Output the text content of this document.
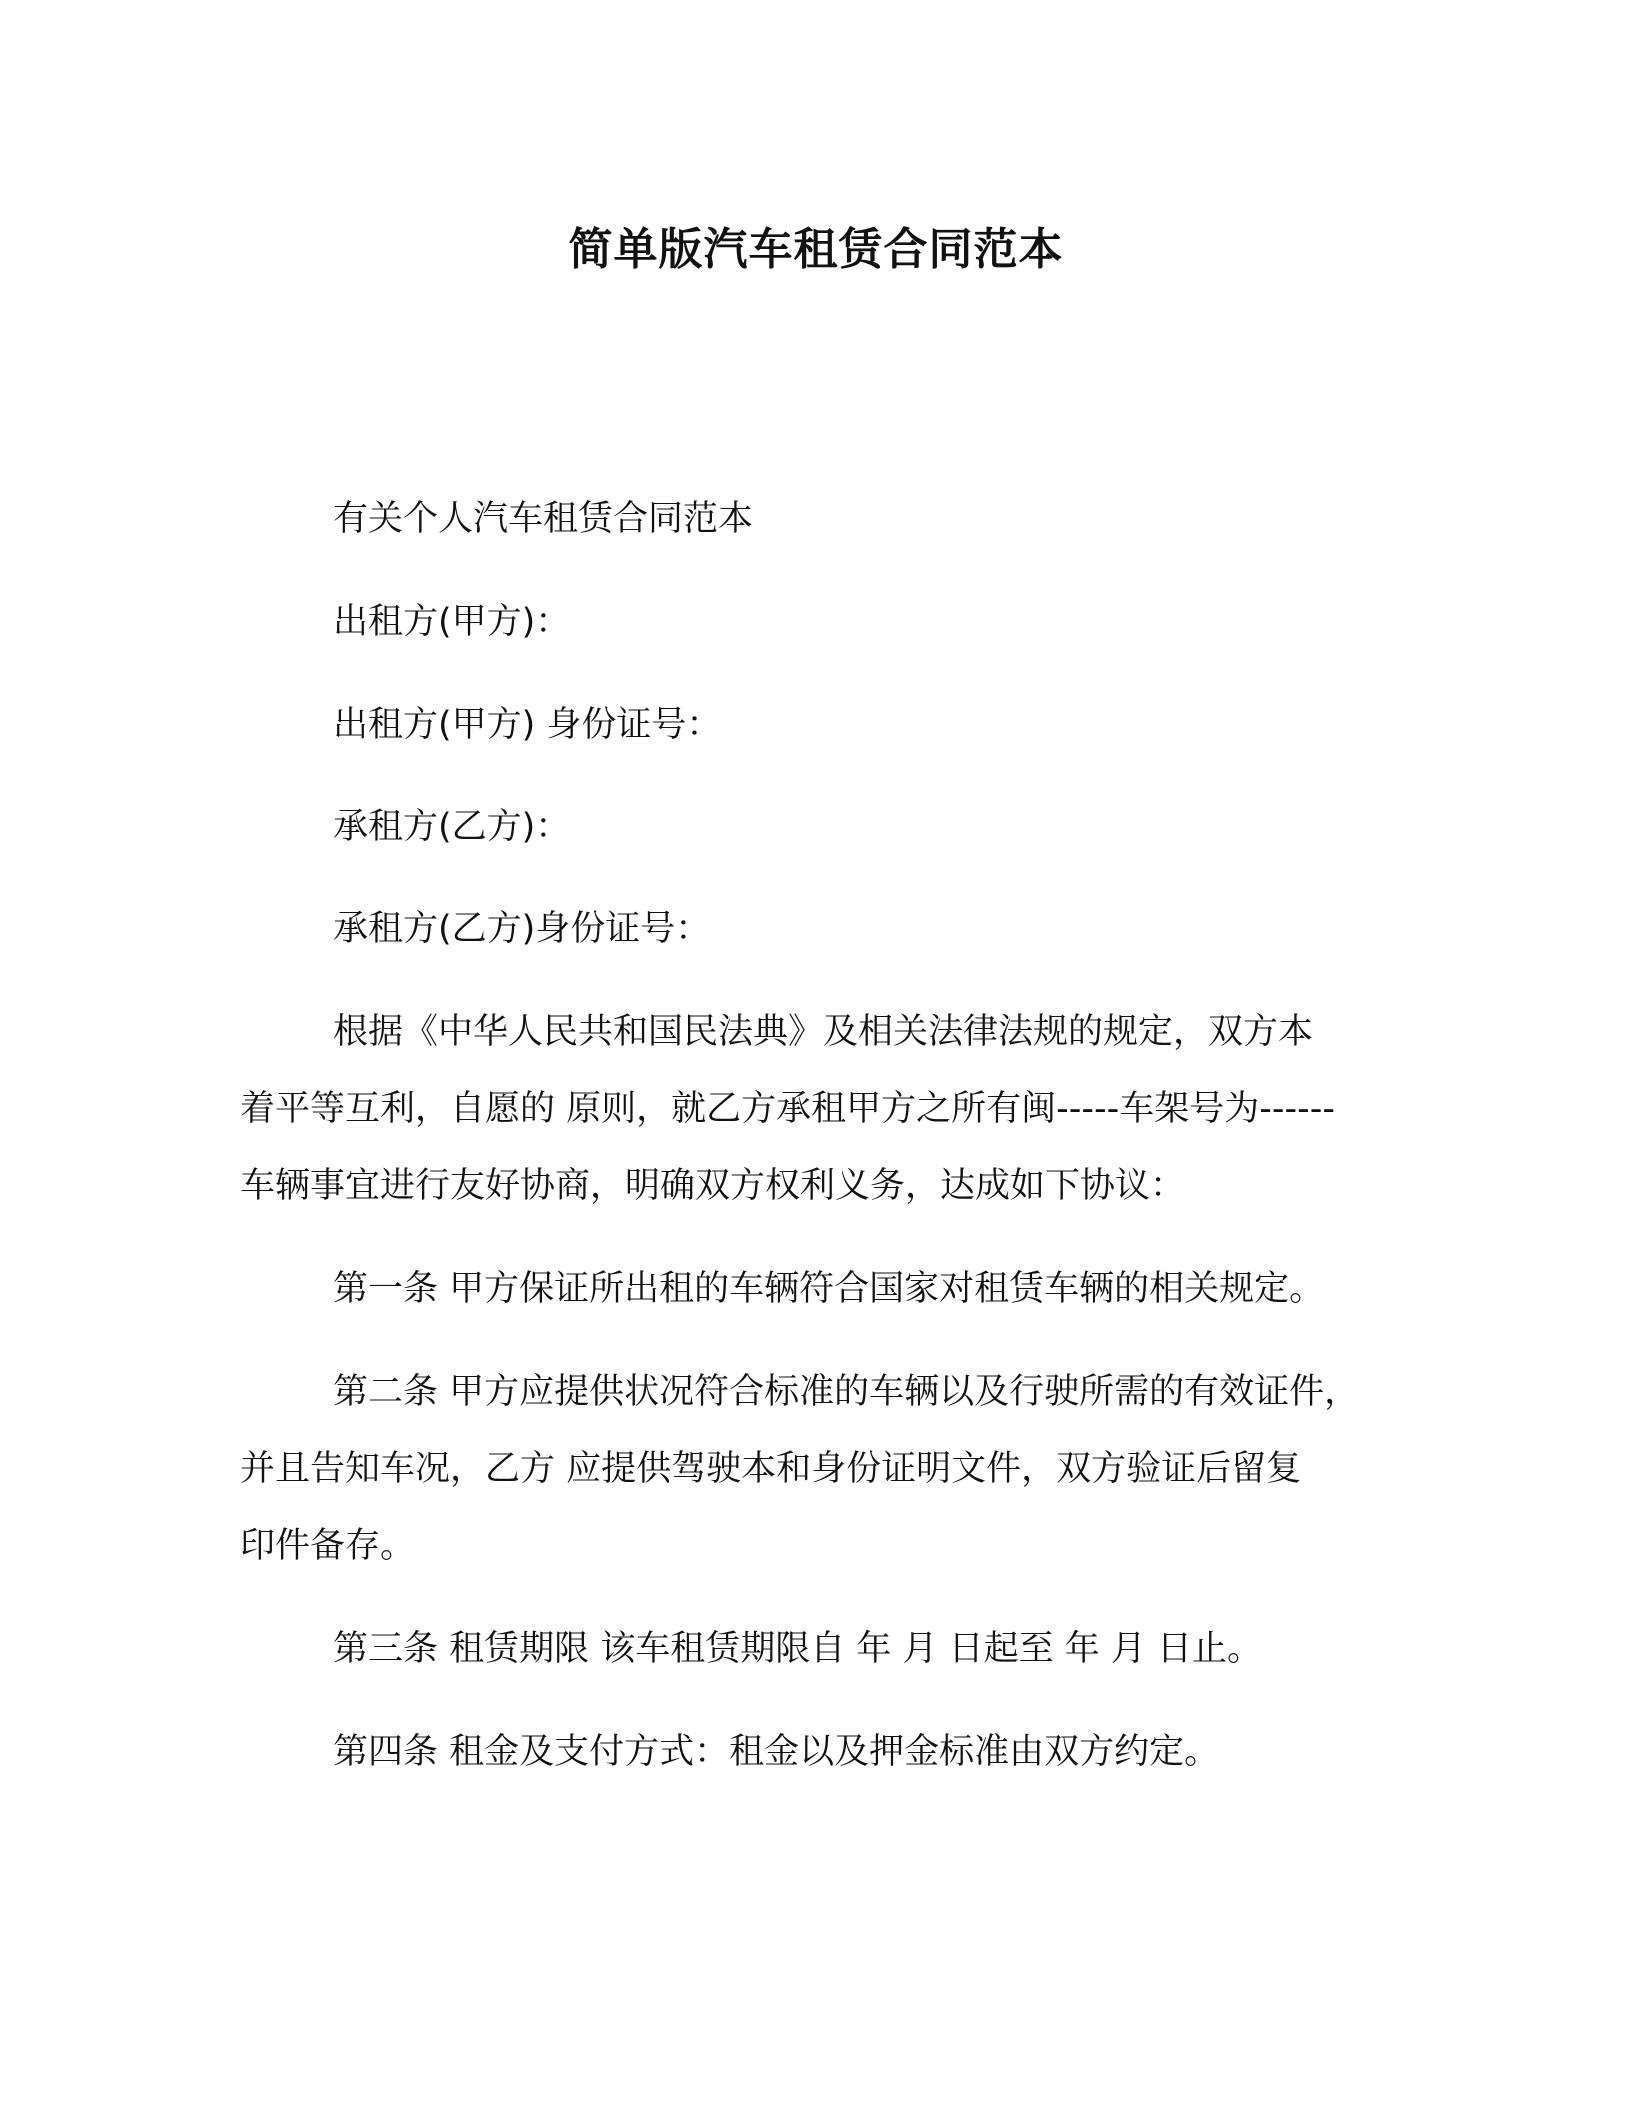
简单版汽车租赁合同范本

有关个人汽车租赁合同范本

出租方(甲方)：

出租方(甲方) 身份证号：

承租方(乙方)：

承租方(乙方)身份证号：

根据《中华人民共和国民法典》及相关法律法规的规定，双方本

着平等互利，自愿的 原则，就乙方承租甲方之所有闽-----车架号为------

车辆事宜进行友好协商，明确双方权利义务，达成如下协议：

第一条 甲方保证所出租的车辆符合国家对租赁车辆的相关规定。

第二条 甲方应提供状况符合标准的车辆以及行驶所需的有效证件，

并且告知车况，乙方 应提供驾驶本和身份证明文件，双方验证后留复

印件备存。

第三条 租赁期限 该车租赁期限自 年 月 日起至 年 月 日止。

第四条 租金及支付方式：租金以及押金标准由双方约定。
